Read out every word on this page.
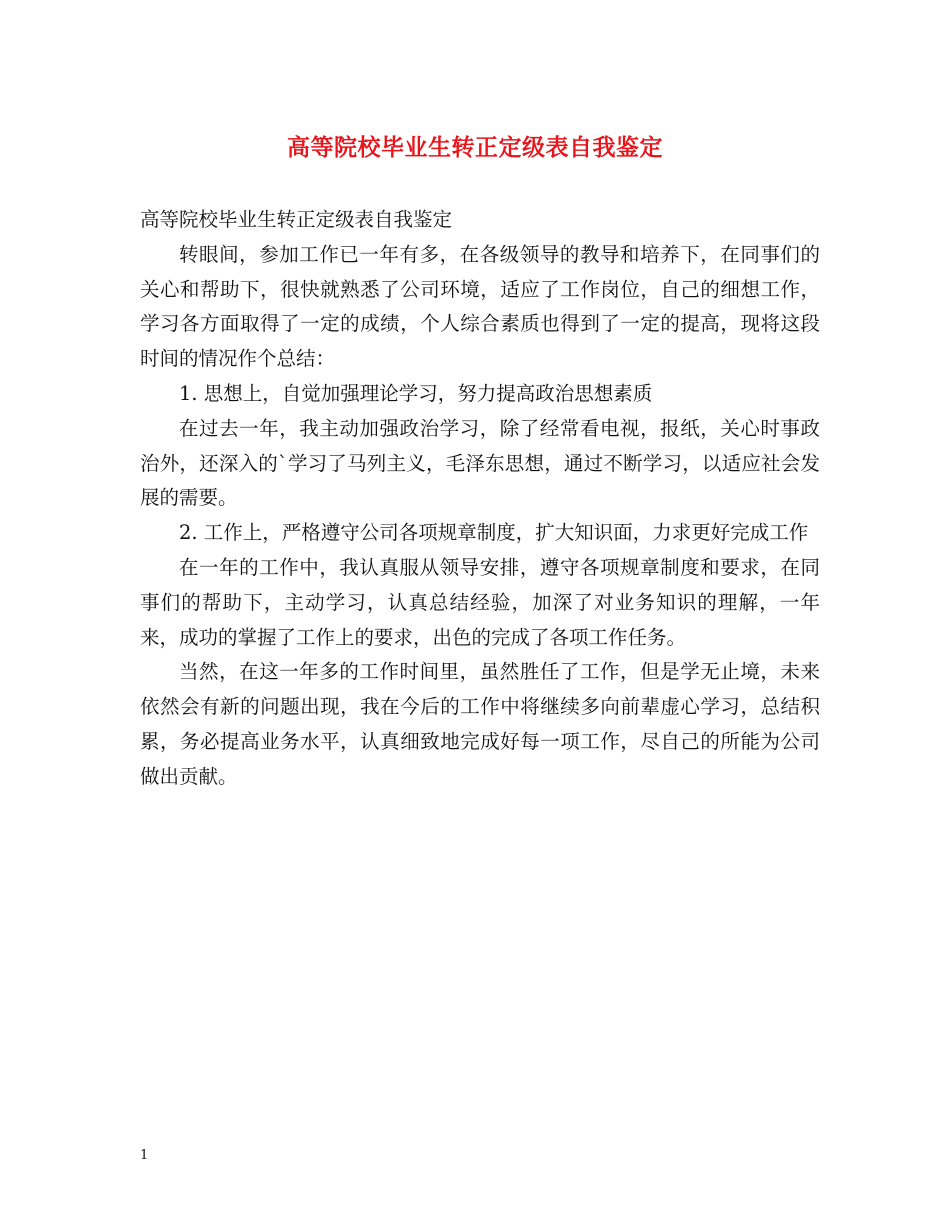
高等院校毕业生转正定级表自我鉴定

高等院校毕业生转正定级表自我鉴定

转眼间，参加工作已一年有多，在各级领导的教导和培养下，在同事们的关心和帮助下，很快就熟悉了公司环境，适应了工作岗位，自己的细想工作，学习各方面取得了一定的成绩，个人综合素质也得到了一定的提高，现将这段时间的情况作个总结：

1. 思想上，自觉加强理论学习，努力提高政治思想素质

在过去一年，我主动加强政治学习，除了经常看电视，报纸，关心时事政治外，还深入的`学习了马列主义，毛泽东思想，通过不断学习，以适应社会发展的需要。

2. 工作上，严格遵守公司各项规章制度，扩大知识面，力求更好完成工作

在一年的工作中，我认真服从领导安排，遵守各项规章制度和要求，在同事们的帮助下，主动学习，认真总结经验，加深了对业务知识的理解，一年来，成功的掌握了工作上的要求，出色的完成了各项工作任务。

当然，在这一年多的工作时间里，虽然胜任了工作，但是学无止境，未来依然会有新的问题出现，我在今后的工作中将继续多向前辈虚心学习，总结积累，务必提高业务水平，认真细致地完成好每一项工作，尽自己的所能为公司做出贡献。

1
